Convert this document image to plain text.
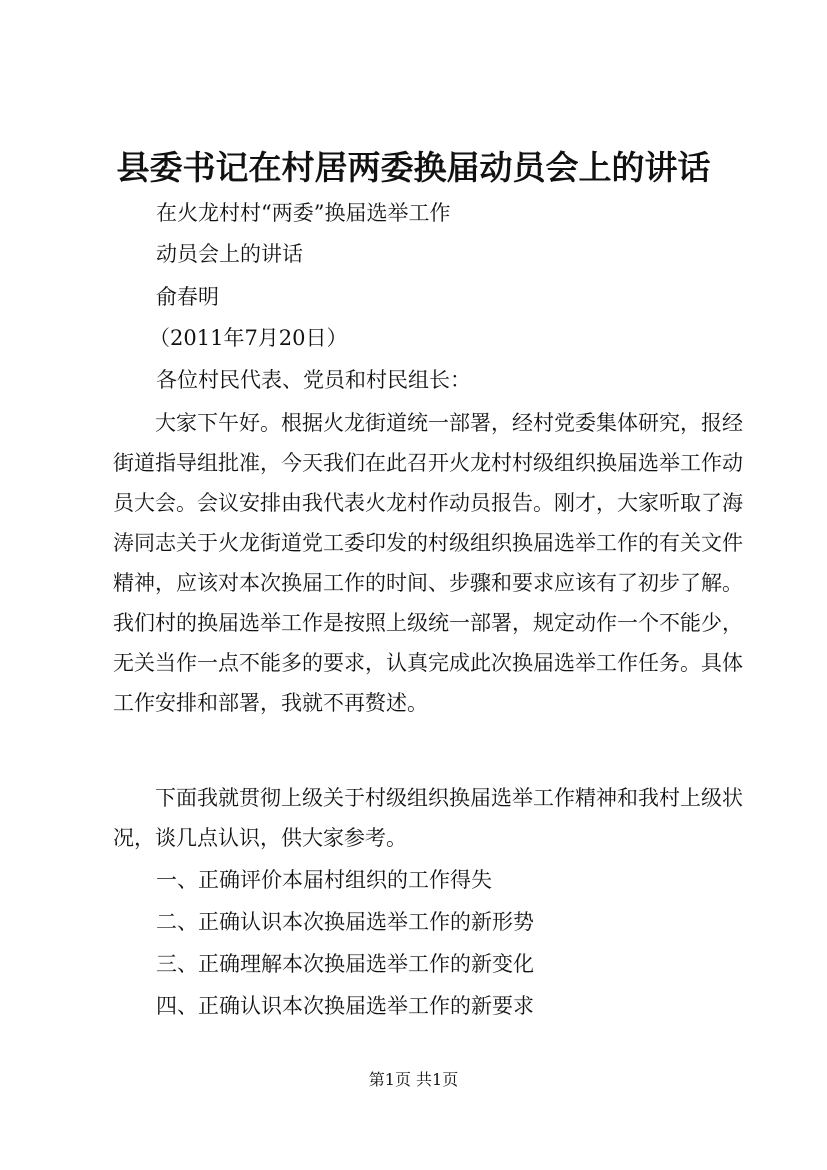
县委书记在村居两委换届动员会上的讲话
在火龙村村“两委”换届选举工作
动员会上的讲话
俞春明
（2011年7月20日）
各位村民代表、党员和村民组长：
大家下午好。根据火龙街道统一部署，经村党委集体研究，报经街道指导组批准，今天我们在此召开火龙村村级组织换届选举工作动员大会。会议安排由我代表火龙村作动员报告。刚才，大家听取了海涛同志关于火龙街道党工委印发的村级组织换届选举工作的有关文件精神，应该对本次换届工作的时间、步骤和要求应该有了初步了解。我们村的换届选举工作是按照上级统一部署，规定动作一个不能少，无关当作一点不能多的要求，认真完成此次换届选举工作任务。具体工作安排和部署，我就不再赘述。
下面我就贯彻上级关于村级组织换届选举工作精神和我村上级状况，谈几点认识，供大家参考。
一、正确评价本届村组织的工作得失
二、正确认识本次换届选举工作的新形势
三、正确理解本次换届选举工作的新变化
四、正确认识本次换届选举工作的新要求
第1页 共1页
